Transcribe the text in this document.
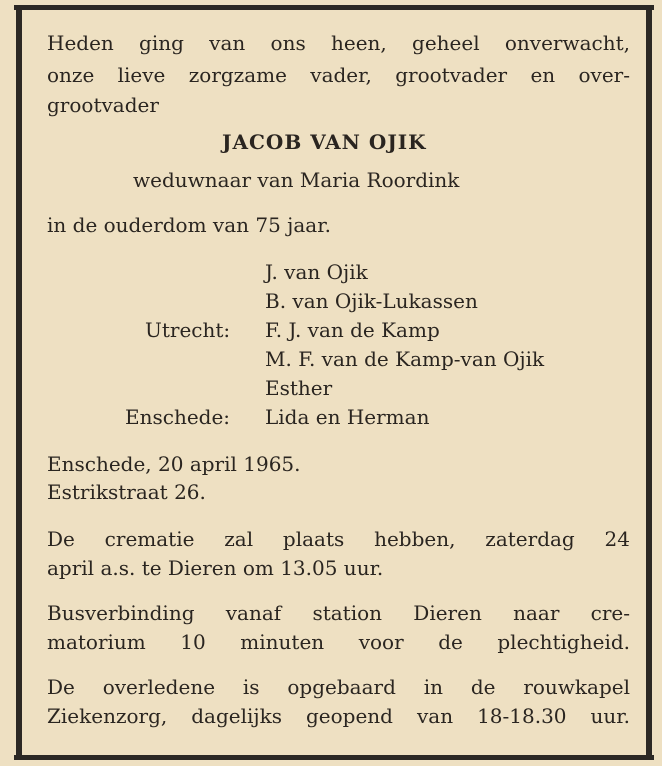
Heden ging van ons heen, geheel onverwacht,
onze lieve zorgzame vader, grootvader en over-
grootvader
JACOB VAN OJIK
weduwnaar van Maria Roordink
in de ouderdom van 75 jaar.
J. van Ojik
B. van Ojik-Lukassen
Utrecht: F. J. van de Kamp
M. F. van de Kamp-van Ojik
Esther
Enschede: Lida en Herman
Enschede, 20 april 1965.
Estrikstraat 26.
De crematie zal plaats hebben, zaterdag 24
april a.s. te Dieren om 13.05 uur.
Busverbinding vanaf station Dieren naar cre-
matorium 10 minuten voor de plechtigheid.
De overledene is opgebaard in de rouwkapel
Ziekenzorg, dagelijks geopend van 18-18.30 uur.
